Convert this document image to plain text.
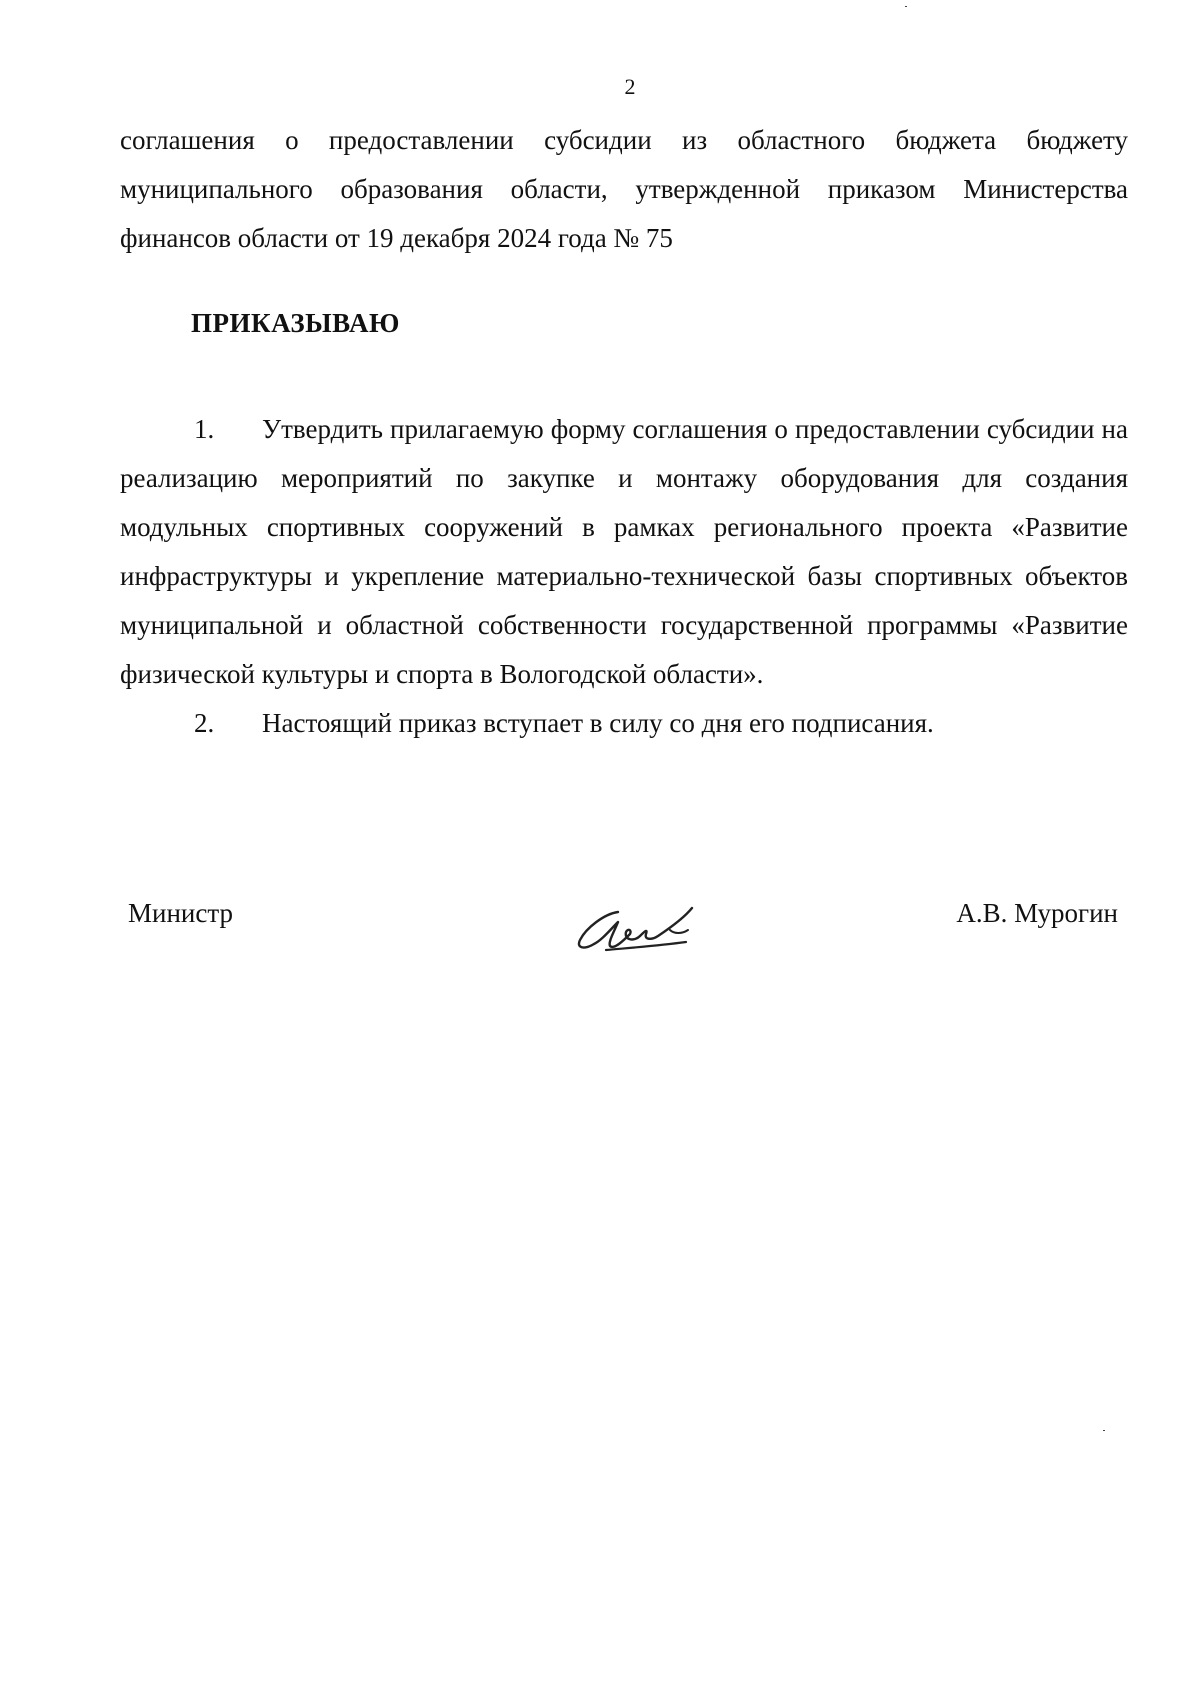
2

соглашения о предоставлении субсидии из областного бюджета бюджету муниципального образования области, утвержденной приказом Министерства финансов области от 19 декабря 2024 года № 75

ПРИКАЗЫВАЮ

1. Утвердить прилагаемую форму соглашения о предоставлении субсидии на реализацию мероприятий по закупке и монтажу оборудования для создания модульных спортивных сооружений в рамках регионального проекта «Развитие инфраструктуры и укрепление материально-технической базы спортивных объектов муниципальной и областной собственности государственной программы «Развитие физической культуры и спорта в Вологодской области».

2. Настоящий приказ вступает в силу со дня его подписания.

Министр	А.В. Мурогин
